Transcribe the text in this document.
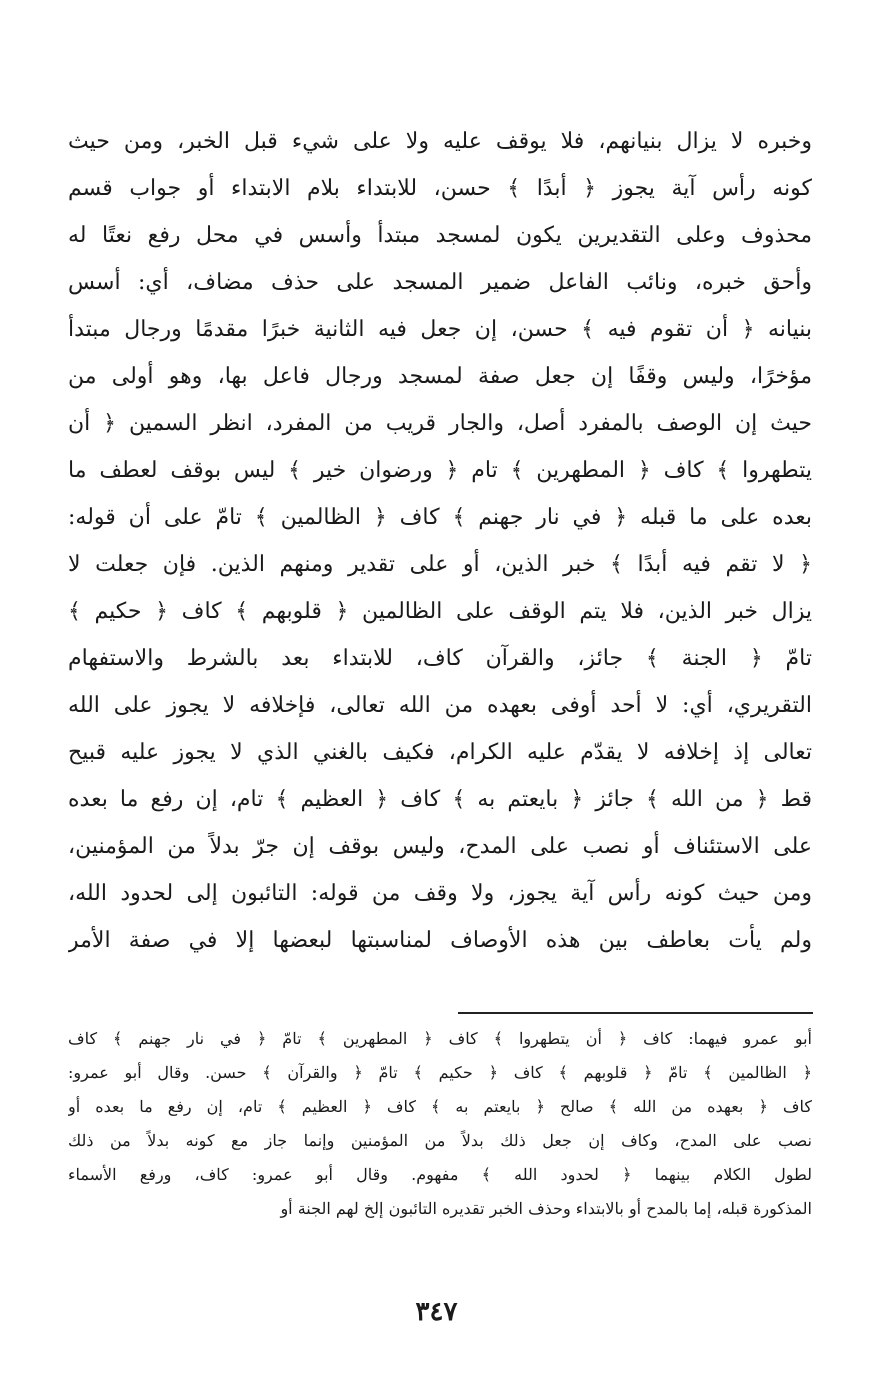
وخبره لا يزال بنيانهم، فلا يوقف عليه ولا على شيء قبل الخبر، ومن حيث
كونه رأس آية يجوز ﴿ أبدًا ﴾ حسن، للابتداء بلام الابتداء أو جواب قسم
محذوف وعلى التقديرين يكون لمسجد مبتدأ وأسس في محل رفع نعتًا له
وأحق خبره، ونائب الفاعل ضمير المسجد على حذف مضاف، أي: أسس
بنيانه ﴿ أن تقوم فيه ﴾ حسن، إن جعل فيه الثانية خبرًا مقدمًا ورجال مبتدأ
مؤخرًا، وليس وقفًا إن جعل صفة لمسجد ورجال فاعل بها، وهو أولى من
حيث إن الوصف بالمفرد أصل، والجار قريب من المفرد، انظر السمين ﴿ أن
يتطهروا ﴾ كاف ﴿ المطهرين ﴾ تام ﴿ ورضوان خير ﴾ ليس بوقف لعطف ما
بعده على ما قبله ﴿ في نار جهنم ﴾ كاف ﴿ الظالمين ﴾ تامّ على أن قوله:
﴿ لا تقم فيه أبدًا ﴾ خبر الذين، أو على تقدير ومنهم الذين. فإن جعلت لا
يزال خبر الذين، فلا يتم الوقف على الظالمين ﴿ قلوبهم ﴾ كاف ﴿ حكيم ﴾
تامّ ﴿ الجنة ﴾ جائز، والقرآن كاف، للابتداء بعد بالشرط والاستفهام
التقريري، أي: لا أحد أوفى بعهده من الله تعالى، فإخلافه لا يجوز على الله
تعالى إذ إخلافه لا يقدّم عليه الكرام، فكيف بالغني الذي لا يجوز عليه قبيح
قط ﴿ من الله ﴾ جائز ﴿ بايعتم به ﴾ كاف ﴿ العظيم ﴾ تام، إن رفع ما بعده
على الاستئناف أو نصب على المدح، وليس بوقف إن جرّ بدلاً من المؤمنين،
ومن حيث كونه رأس آية يجوز، ولا وقف من قوله: التائبون إلى لحدود الله،
ولم يأت بعاطف بين هذه الأوصاف لمناسبتها لبعضها إلا في صفة الأمر
أبو عمرو فيهما: كاف ﴿ أن يتطهروا ﴾ كاف ﴿ المطهرين ﴾ تامّ ﴿ في نار جهنم ﴾ كاف
﴿ الظالمين ﴾ تامّ ﴿ قلوبهم ﴾ كاف ﴿ حكيم ﴾ تامّ ﴿ والقرآن ﴾ حسن. وقال أبو عمرو:
كاف ﴿ بعهده من الله ﴾ صالح ﴿ بايعتم به ﴾ كاف ﴿ العظيم ﴾ تام، إن رفع ما بعده أو
نصب على المدح، وكاف إن جعل ذلك بدلاً من المؤمنين وإنما جاز مع كونه بدلاً من ذلك
لطول الكلام بينهما ﴿ لحدود الله ﴾ مفهوم. وقال أبو عمرو: كاف، ورفع الأسماء
المذكورة قبله، إما بالمدح أو بالابتداء وحذف الخبر تقديره التائبون إلخ لهم الجنة أو
٣٤٧
